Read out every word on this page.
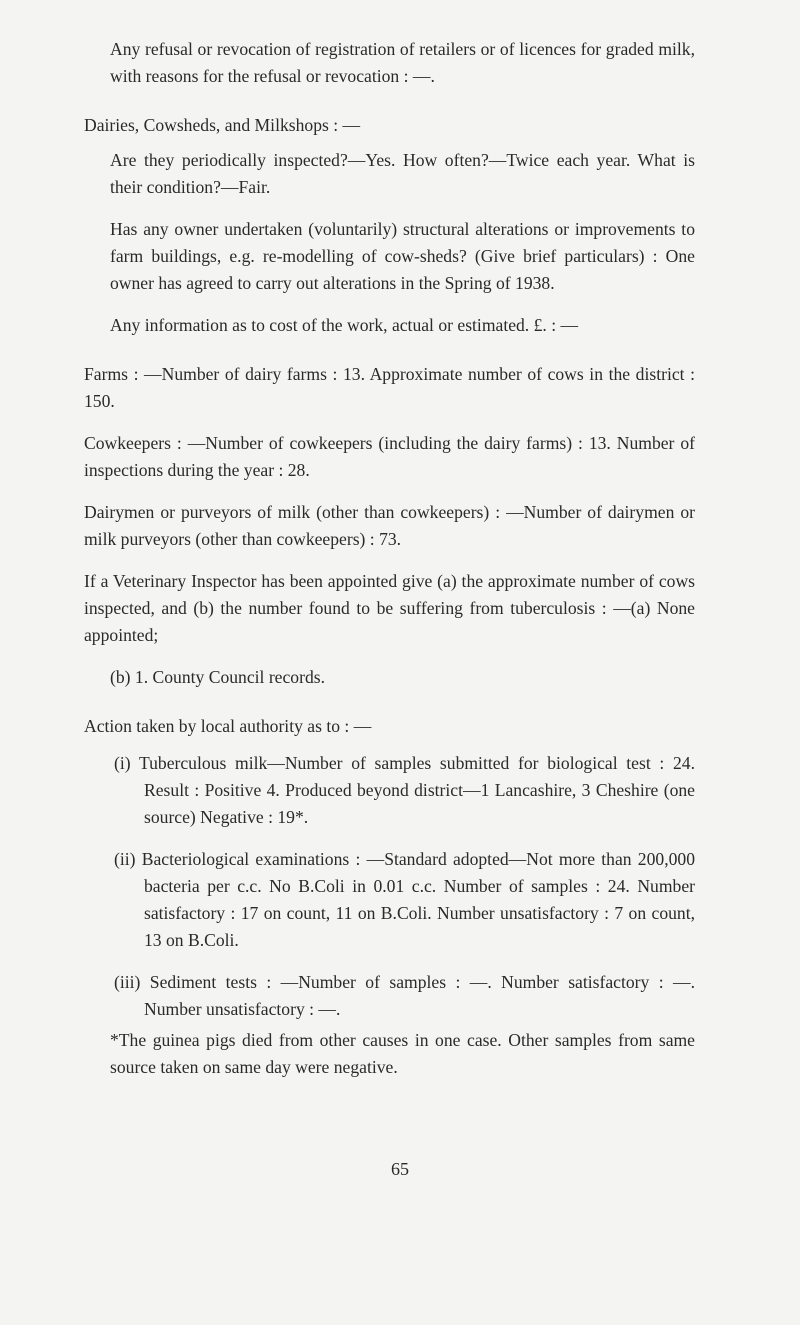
Any refusal or revocation of registration of retailers or of licences for graded milk, with reasons for the refusal or revocation : —.

Dairies, Cowsheds, and Milkshops : —

Are they periodically inspected?—Yes. How often?—Twice each year. What is their condition?—Fair.

Has any owner undertaken (voluntarily) structural alterations or improvements to farm buildings, e.g. re-modelling of cow-sheds? (Give brief particulars) : One owner has agreed to carry out alterations in the Spring of 1938.

Any information as to cost of the work, actual or estimated. £. : —

Farms : —Number of dairy farms : 13. Approximate number of cows in the district : 150.

Cowkeepers : —Number of cowkeepers (including the dairy farms) : 13. Number of inspections during the year : 28.

Dairymen or purveyors of milk (other than cowkeepers) : —Number of dairymen or milk purveyors (other than cowkeepers) : 73.

If a Veterinary Inspector has been appointed give (a) the approximate number of cows inspected, and (b) the number found to be suffering from tuberculosis : —(a) None appointed;

(b) 1. County Council records.

Action taken by local authority as to : —

(i) Tuberculous milk—Number of samples submitted for biological test : 24. Result : Positive 4. Produced beyond district—1 Lancashire, 3 Cheshire (one source) Negative : 19*.

(ii) Bacteriological examinations : —Standard adopted—Not more than 200,000 bacteria per c.c. No B.Coli in 0.01 c.c. Number of samples : 24. Number satisfactory : 17 on count, 11 on B.Coli. Number unsatisfactory : 7 on count, 13 on B.Coli.

(iii) Sediment tests : —Number of samples : —. Number satisfactory : —. Number unsatisfactory : —.

*The guinea pigs died from other causes in one case. Other samples from same source taken on same day were negative.

65
